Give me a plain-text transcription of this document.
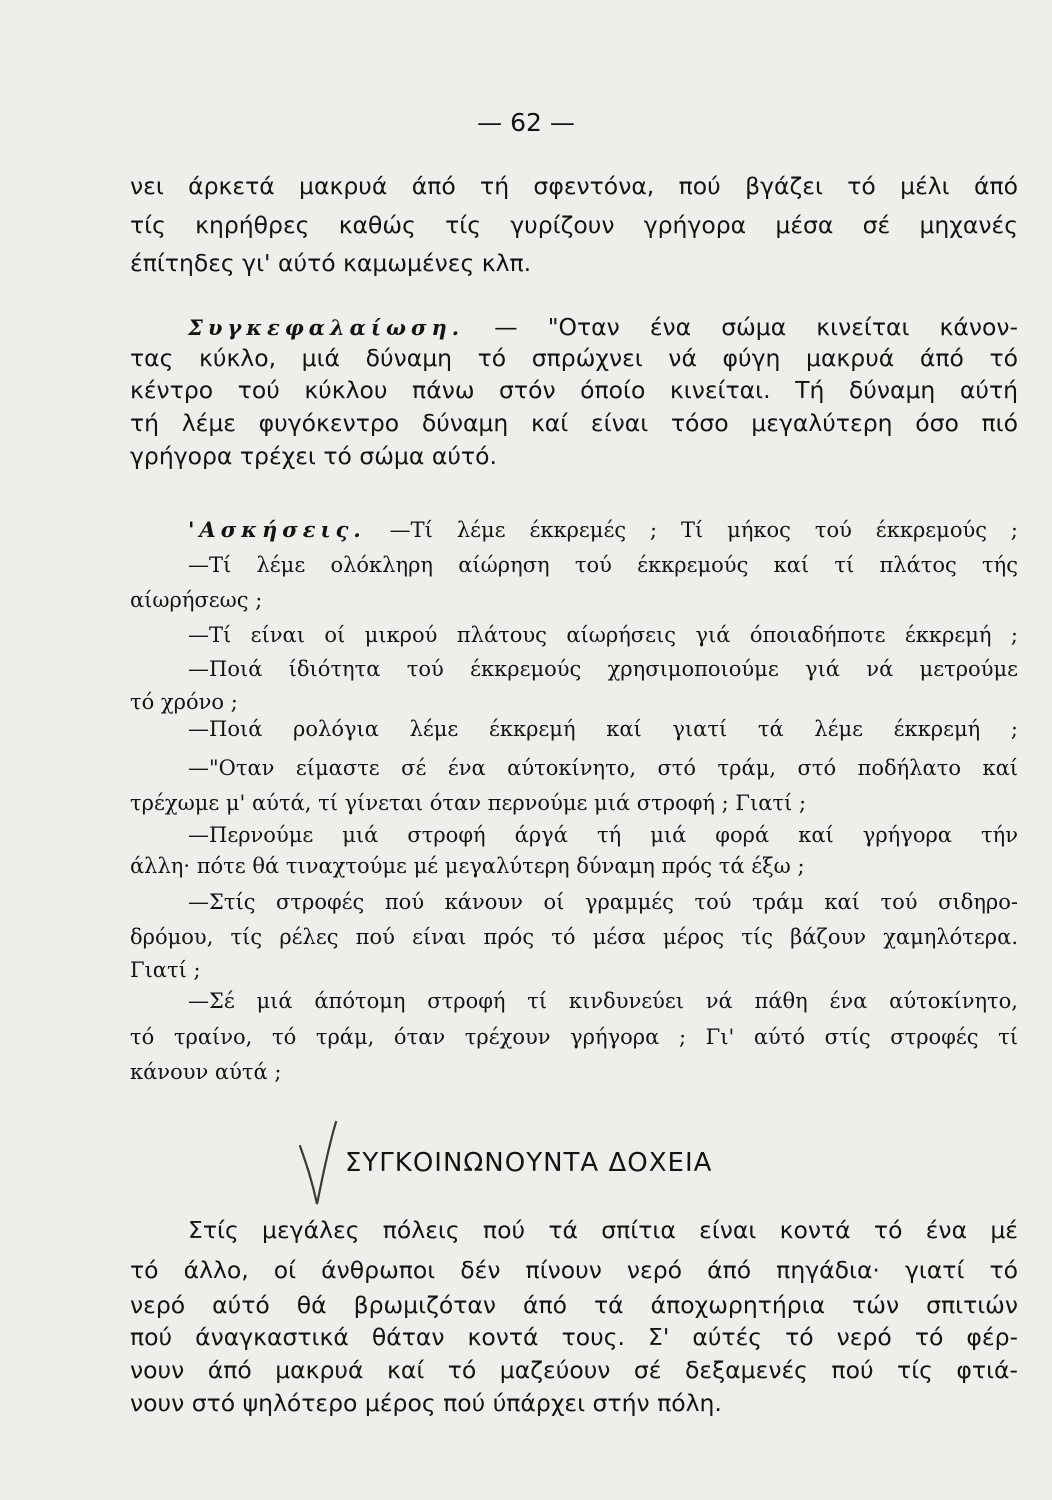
— 62 —
νει άρκετά μακρυά άπό τή σφεντόνα, πού βγάζει τό μέλι άπό
τίς κηρήθρες καθώς τίς γυρίζουν γρήγορα μέσα σέ μηχανές
έπίτηδες γι' αύτό καμωμένες κλπ.
Συγκεφαλαίωση. — "Οταν ένα σώμα κινείται κάνον-
τας κύκλο, μιά δύναμη τό σπρώχνει νά φύγη μακρυά άπό τό
κέντρο τού κύκλου πάνω στόν όποίο κινείται. Τή δύναμη αύτή
τή λέμε φυγόκεντρο δύναμη καί είναι τόσο μεγαλύτερη όσο πιό
γρήγορα τρέχει τό σώμα αύτό.
'Ασκήσεις. —Τί λέμε έκκρεμές ; Τί μήκος τού έκκρεμούς ;
—Τί λέμε ολόκληρη αίώρηση τού έκκρεμούς καί τί πλάτος τής
αίωρήσεως ;
—Τί είναι οί μικρού πλάτους αίωρήσεις γιά όποιαδήποτε έκκρεμή ;
—Ποιά ίδιότητα τού έκκρεμούς χρησιμοποιούμε γιά νά μετρούμε
τό χρόνο ;
—Ποιά ρολόγια λέμε έκκρεμή καί γιατί τά λέμε έκκρεμή ;
—"Οταν είμαστε σέ ένα αύτοκίνητο, στό τράμ, στό ποδήλατο καί
τρέχωμε μ' αύτά, τί γίνεται όταν περνούμε μιά στροφή ; Γιατί ;
—Περνούμε μιά στροφή άργά τή μιά φορά καί γρήγορα τήν
άλλη· πότε θά τιναχτούμε μέ μεγαλύτερη δύναμη πρός τά έξω ;
—Στίς στροφές πού κάνουν οί γραμμές τού τράμ καί τού σιδηρο-
δρόμου, τίς ρέλες πού είναι πρός τό μέσα μέρος τίς βάζουν χαμηλότερα.
Γιατί ;
—Σέ μιά άπότομη στροφή τί κινδυνεύει νά πάθη ένα αύτοκίνητο,
τό τραίνο, τό τράμ, όταν τρέχουν γρήγορα ; Γι' αύτό στίς στροφές τί
κάνουν αύτά ;
ΣΥΓΚΟΙΝΩΝΟΥΝΤΑ ΔΟΧΕΙΑ
Στίς μεγάλες πόλεις πού τά σπίτια είναι κοντά τό ένα μέ
τό άλλο, οί άνθρωποι δέν πίνουν νερό άπό πηγάδια· γιατί τό
νερό αύτό θά βρωμιζόταν άπό τά άποχωρητήρια τών σπιτιών
πού άναγκαστικά θάταν κοντά τους. Σ' αύτές τό νερό τό φέρ-
νουν άπό μακρυά καί τό μαζεύουν σέ δεξαμενές πού τίς φτιά-
νουν στό ψηλότερο μέρος πού ύπάρχει στήν πόλη.
